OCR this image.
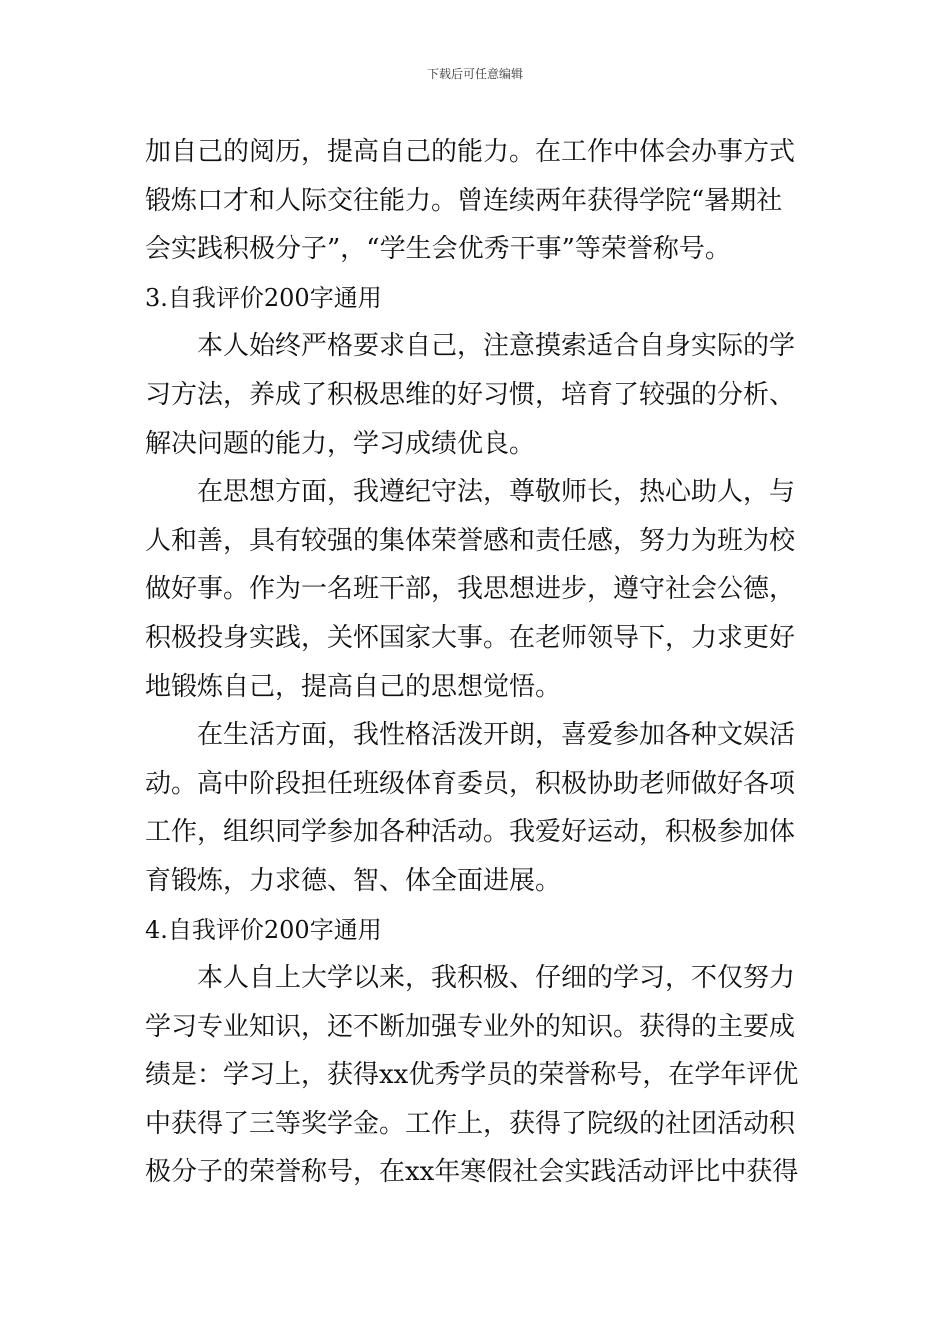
下载后可任意编辑
加自己的阅历，提高自己的能力。在工作中体会办事方式
锻炼口才和人际交往能力。曾连续两年获得学院“暑期社
会实践积极分子”，“学生会优秀干事”等荣誉称号。
3.自我评价200字通用
本人始终严格要求自己，注意摸索适合自身实际的学
习方法，养成了积极思维的好习惯，培育了较强的分析、
解决问题的能力，学习成绩优良。
在思想方面，我遵纪守法，尊敬师长，热心助人，与
人和善，具有较强的集体荣誉感和责任感，努力为班为校
做好事。作为一名班干部，我思想进步，遵守社会公德，
积极投身实践，关怀国家大事。在老师领导下，力求更好
地锻炼自己，提高自己的思想觉悟。
在生活方面，我性格活泼开朗，喜爱参加各种文娱活
动。高中阶段担任班级体育委员，积极协助老师做好各项
工作，组织同学参加各种活动。我爱好运动，积极参加体
育锻炼，力求德、智、体全面进展。
4.自我评价200字通用
本人自上大学以来，我积极、仔细的学习，不仅努力
学习专业知识，还不断加强专业外的知识。获得的主要成
绩是：学习上，获得xx优秀学员的荣誉称号，在学年评优
中获得了三等奖学金。工作上，获得了院级的社团活动积
极分子的荣誉称号，在xx年寒假社会实践活动评比中获得
